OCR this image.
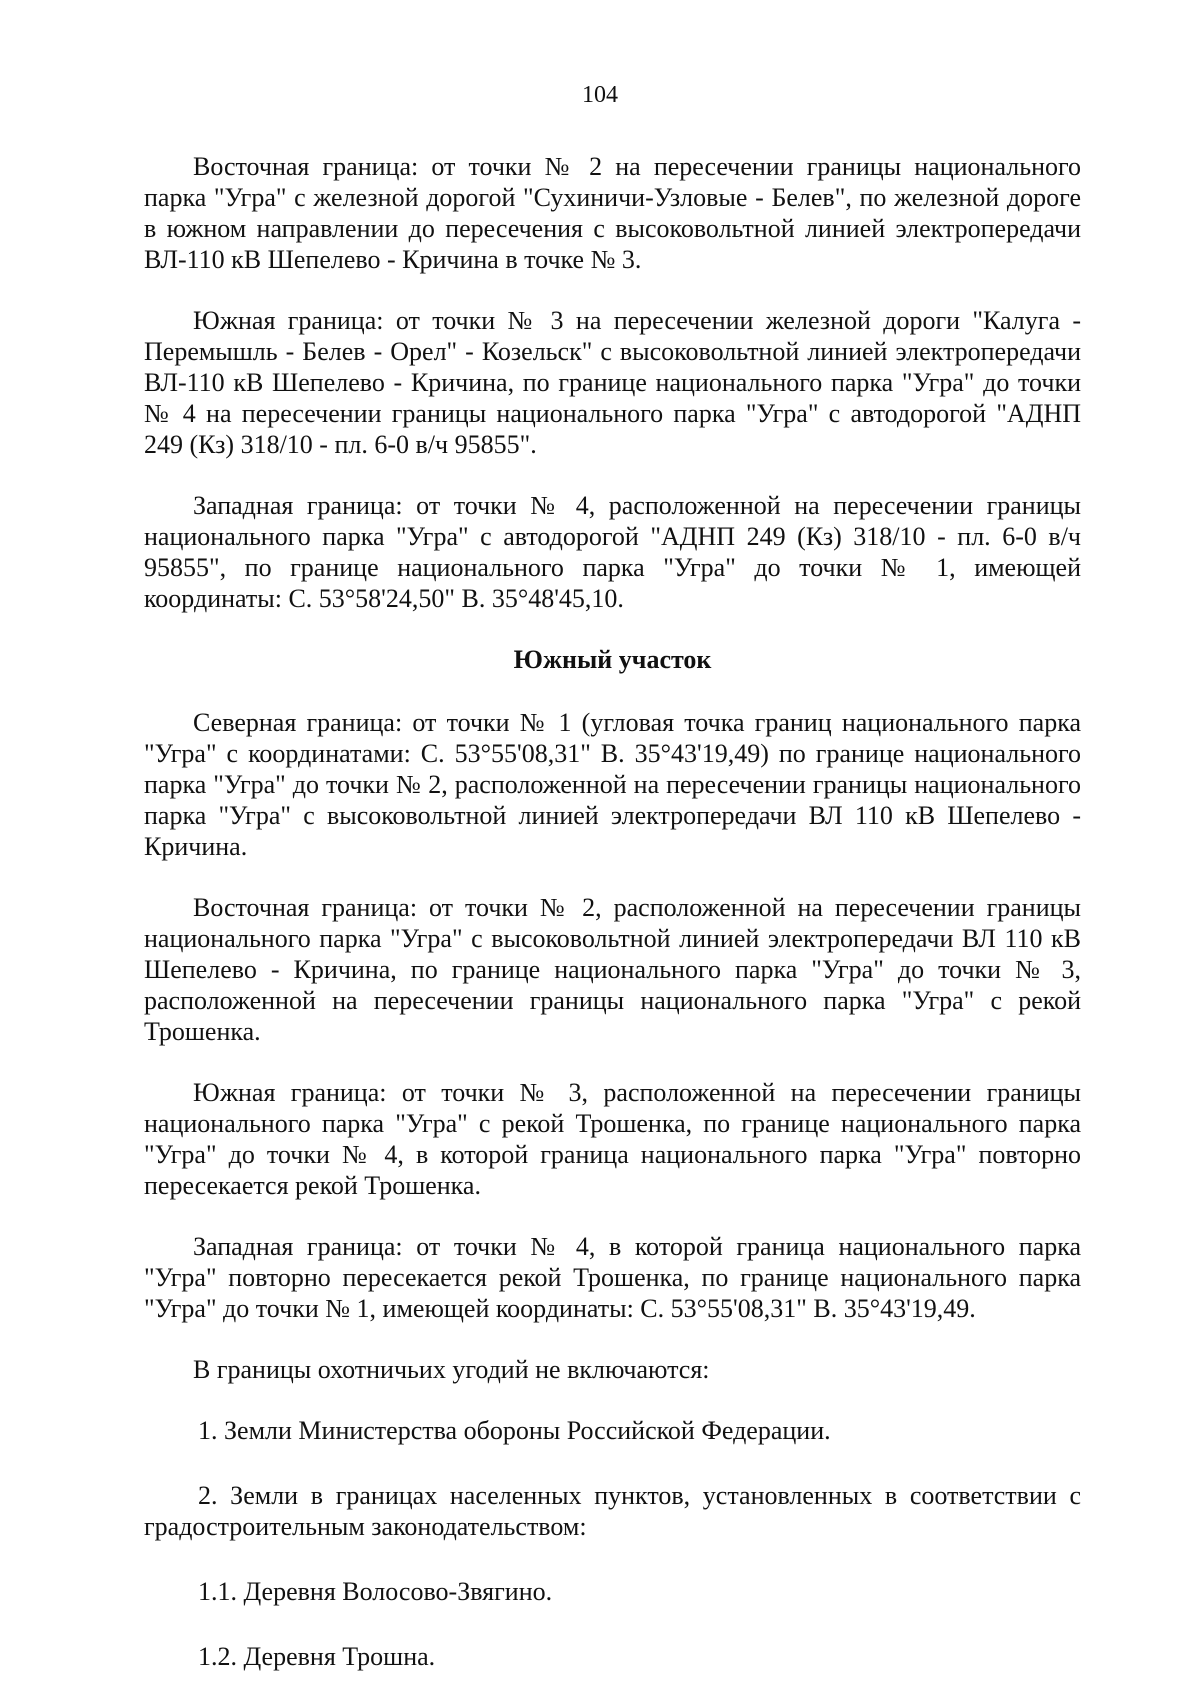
104

Восточная граница: от точки № 2 на пересечении границы национального парка "Угра" с железной дорогой "Сухиничи-Узловые - Белев", по железной дороге в южном направлении до пересечения с высоковольтной линией электропередачи ВЛ-110 кВ Шепелево - Кричина в точке № 3.

Южная граница: от точки № 3 на пересечении железной дороги "Калуга - Перемышль - Белев - Орел" - Козельск" с высоковольтной линией электропередачи ВЛ-110 кВ Шепелево - Кричина, по границе национального парка "Угра" до точки № 4 на пересечении границы национального парка "Угра" с автодорогой "АДНП 249 (Кз) 318/10 - пл. 6-0 в/ч 95855".

Западная граница: от точки № 4, расположенной на пересечении границы национального парка "Угра" с автодорогой "АДНП 249 (Кз) 318/10 - пл. 6-0 в/ч 95855", по границе национального парка "Угра" до точки № 1, имеющей координаты: С. 53°58'24,50" В. 35°48'45,10.

Южный участок

Северная граница: от точки № 1 (угловая точка границ национального парка "Угра" с координатами: С. 53°55'08,31" В. 35°43'19,49) по границе национального парка "Угра" до точки № 2, расположенной на пересечении границы национального парка "Угра" с высоковольтной линией электропередачи ВЛ 110 кВ Шепелево - Кричина.

Восточная граница: от точки № 2, расположенной на пересечении границы национального парка "Угра" с высоковольтной линией электропередачи ВЛ 110 кВ Шепелево - Кричина, по границе национального парка "Угра" до точки № 3, расположенной на пересечении границы национального парка "Угра" с рекой Трошенка.

Южная граница: от точки № 3, расположенной на пересечении границы национального парка "Угра" с рекой Трошенка, по границе национального парка "Угра" до точки № 4, в которой граница национального парка "Угра" повторно пересекается рекой Трошенка.

Западная граница: от точки № 4, в которой граница национального парка "Угра" повторно пересекается рекой Трошенка, по границе национального парка "Угра" до точки № 1, имеющей координаты: С. 53°55'08,31" В. 35°43'19,49.

В границы охотничьих угодий не включаются:

1. Земли Министерства обороны Российской Федерации.

2. Земли в границах населенных пунктов, установленных в соответствии с градостроительным законодательством:

1.1. Деревня Волосово-Звягино.

1.2. Деревня Трошна.
